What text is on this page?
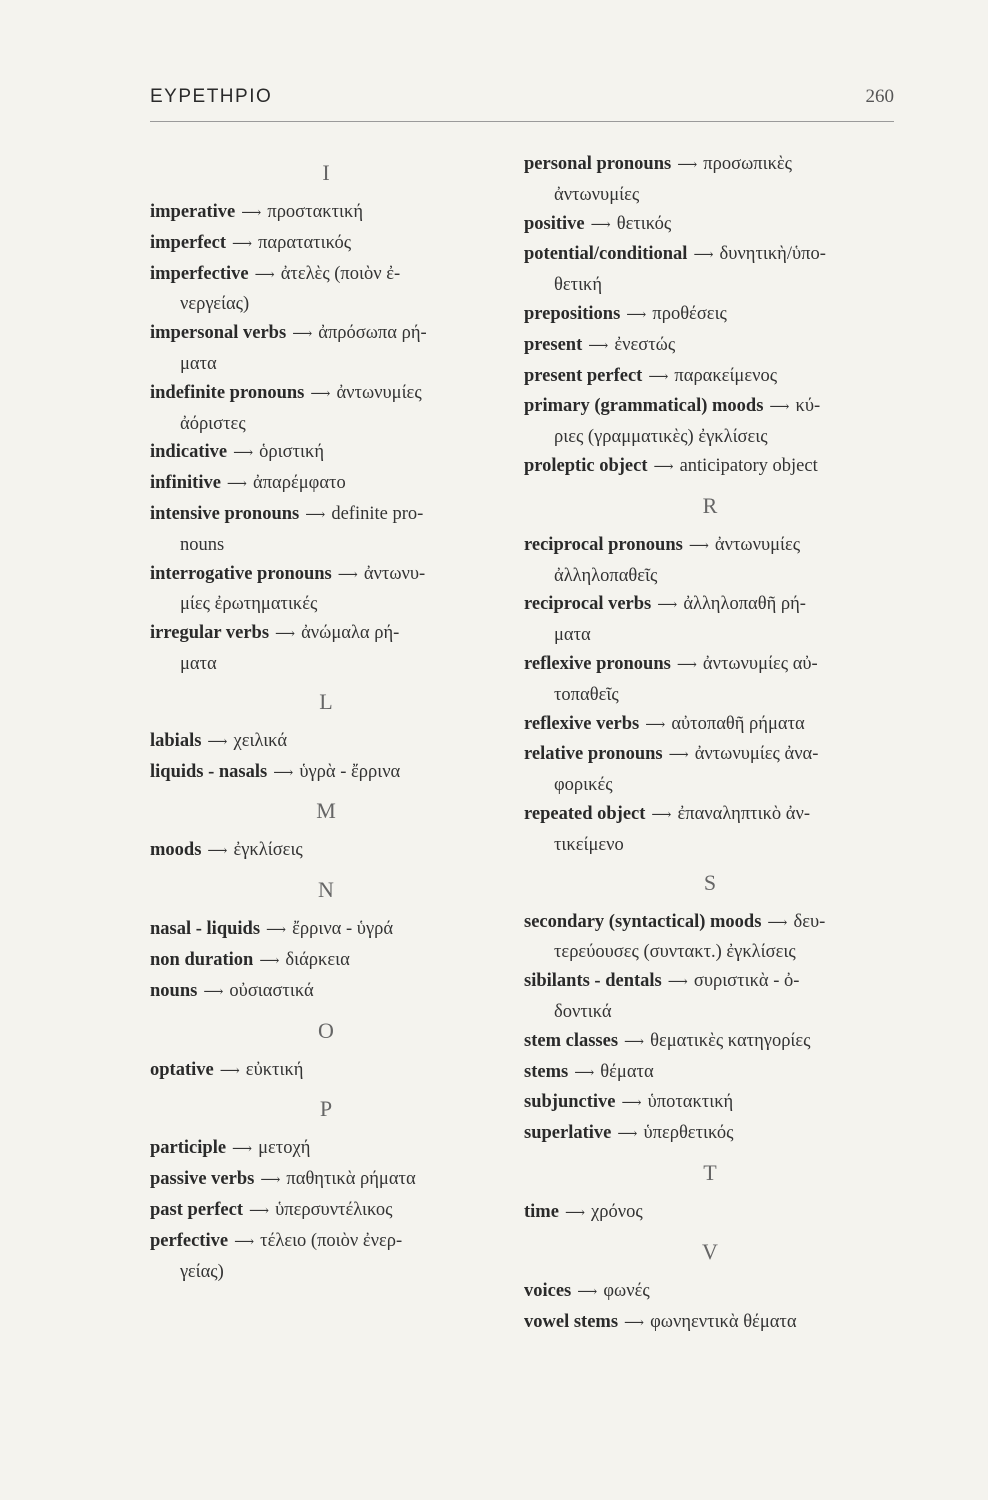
ΕΥΡΕΤΗΡΙΟ	260
I
imperative ⟶ προστακτική
imperfect ⟶ παρατατικός
imperfective ⟶ ἀτελὲς (ποιὸν ἐ-
νεργείας)
impersonal verbs ⟶ ἀπρόσωπα ρή-
ματα
indefinite pronouns ⟶ ἀντωνυμίες
ἀόριστες
indicative ⟶ ὁριστική
infinitive ⟶ ἀπαρέμφατο
intensive pronouns ⟶ definite pro-
nouns
interrogative pronouns ⟶ ἀντωνυ-
μίες ἐρωτηματικές
irregular verbs ⟶ ἀνώμαλα ρή-
ματα
L
labials ⟶ χειλικά
liquids - nasals ⟶ ὑγρὰ - ἔρρινα
M
moods ⟶ ἐγκλίσεις
N
nasal - liquids ⟶ ἔρρινα - ὑγρά
non duration ⟶ διάρκεια
nouns ⟶ οὐσιαστικά
O
optative ⟶ εὐκτική
P
participle ⟶ μετοχή
passive verbs ⟶ παθητικὰ ρήματα
past perfect ⟶ ὑπερσυντέλικος
perfective ⟶ τέλειο (ποιὸν ἐνερ-
γείας)
personal pronouns ⟶ προσωπικὲς
ἀντωνυμίες
positive ⟶ θετικός
potential/conditional ⟶ δυνητικὴ/ὑπο-
θετική
prepositions ⟶ προθέσεις
present ⟶ ἐνεστώς
present perfect ⟶ παρακείμενος
primary (grammatical) moods ⟶ κύ-
ριες (γραμματικὲς) ἐγκλίσεις
proleptic object ⟶ anticipatory object
R
reciprocal pronouns ⟶ ἀντωνυμίες
ἀλληλοπαθεῖς
reciprocal verbs ⟶ ἀλληλοπαθῆ ρή-
ματα
reflexive pronouns ⟶ ἀντωνυμίες αὐ-
τοπαθεῖς
reflexive verbs ⟶ αὐτοπαθῆ ρήματα
relative pronouns ⟶ ἀντωνυμίες ἀνα-
φορικές
repeated object ⟶ ἐπαναληπτικὸ ἀν-
τικείμενο
S
secondary (syntactical) moods ⟶ δευ-
τερεύουσες (συντακτ.) ἐγκλίσεις
sibilants - dentals ⟶ συριστικὰ - ὀ-
δοντικά
stem classes ⟶ θεματικὲς κατηγορίες
stems ⟶ θέματα
subjunctive ⟶ ὑποτακτική
superlative ⟶ ὑπερθετικός
T
time ⟶ χρόνος
V
voices ⟶ φωνές
vowel stems ⟶ φωνηεντικὰ θέματα
